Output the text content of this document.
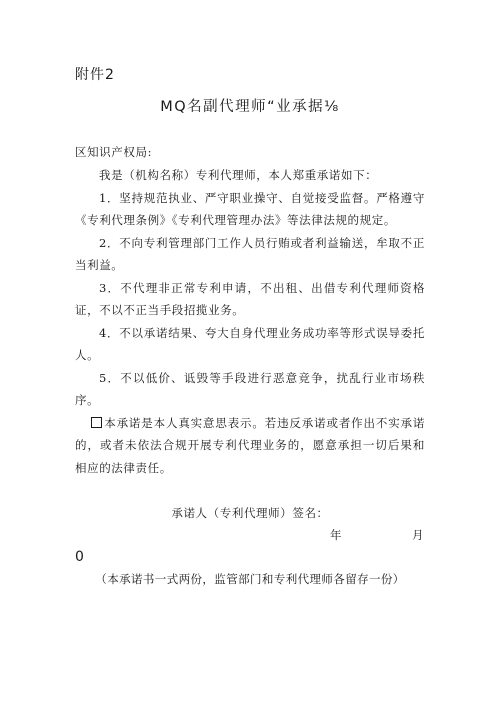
附件2
MQ名副代理师“业承据⅛

区知识产权局:

我是（机构名称）专利代理师，本人郑重承诺如下：

1．坚持规范执业、严守职业操守、自觉接受监督。严格遵守《专利代理条例》《专利代理管理办法》等法律法规的规定。

2．不向专利管理部门工作人员行贿或者利益输送，牟取不正当利益。

3．不代理非正常专利申请，不出租、出借专利代理师资格证，不以不正当手段招揽业务。

4．不以承诺结果、夸大自身代理业务成功率等形式误导委托人。

5．不以低价、诋毁等手段进行恶意竞争，扰乱行业市场秩序。

本承诺是本人真实意思表示。若违反承诺或者作出不实承诺的，或者未依法合规开展专利代理业务的，愿意承担一切后果和相应的法律责任。

承诺人（专利代理师）签名：
年	月
0
（本承诺书一式两份，监管部门和专利代理师各留存一份）
